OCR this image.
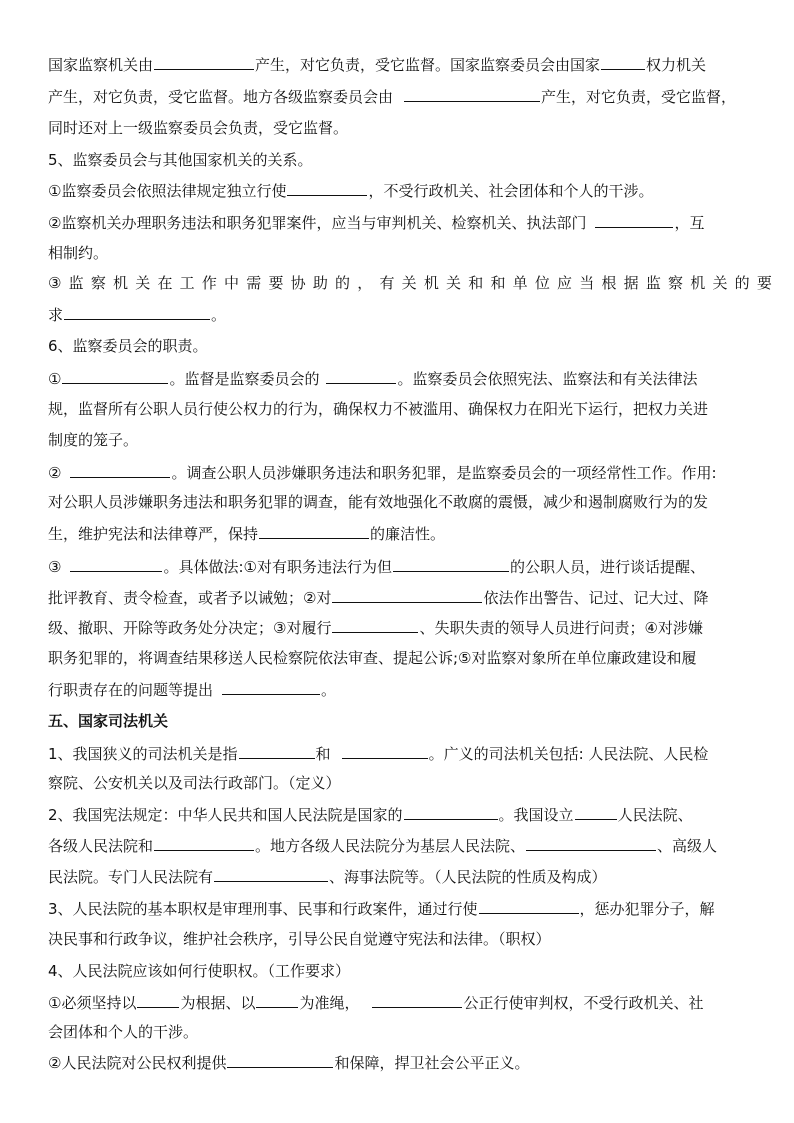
国家监察机关由	产生，对它负责，受它监督。国家监察委员会由国家	权力机关
产生，对它负责，受它监督。地方各级监察委员会由	产生，对它负责，受它监督，
同时还对上一级监察委员会负责，受它监督。
5、监察委员会与其他国家机关的关系。
①监察委员会依照法律规定独立行使	，不受行政机关、社会团体和个人的干涉。
②监察机关办理职务违法和职务犯罪案件，应当与审判机关、检察机关、执法部门	，互
相制约。
③监察机关在工作中需要协助的，有关机关和和单位应当根据监察机关的要
求	。
6、监察委员会的职责。
①	。监督是监察委员会的	。监察委员会依照宪法、监察法和有关法律法
规，监督所有公职人员行使公权力的行为，确保权力不被滥用、确保权力在阳光下运行，把权力关进
制度的笼子。
②	。调查公职人员涉嫌职务违法和职务犯罪，是监察委员会的一项经常性工作。作用:
对公职人员涉嫌职务违法和职务犯罪的调查，能有效地强化不敢腐的震慑，减少和遏制腐败行为的发
生，维护宪法和法律尊严，保持	的廉洁性。
③	。具体做法:①对有职务违法行为但	的公职人员，进行谈话提醒、
批评教育、责令检查，或者予以诫勉；②对	依法作出警告、记过、记大过、降
级、撤职、开除等政务处分决定；③对履行	、失职失责的领导人员进行问责；④对涉嫌
职务犯罪的，将调查结果移送人民检察院依法审查、提起公诉;⑤对监察对象所在单位廉政建设和履
行职责存在的问题等提出	。
五、国家司法机关
1、我国狭义的司法机关是指	和	。广义的司法机关包括: 人民法院、人民检
察院、公安机关以及司法行政部门。（定义）
2、我国宪法规定：中华人民共和国人民法院是国家的	。我国设立	人民法院、
各级人民法院和	。地方各级人民法院分为基层人民法院、	、高级人
民法院。专门人民法院有	、海事法院等。（人民法院的性质及构成）
3、人民法院的基本职权是审理刑事、民事和行政案件，通过行使	，惩办犯罪分子，解
决民事和行政争议，维护社会秩序，引导公民自觉遵守宪法和法律。（职权）
4、人民法院应该如何行使职权。（工作要求）
①必须坚持以	为根据、以	为准绳，	公正行使审判权，不受行政机关、社
会团体和个人的干涉。
②人民法院对公民权利提供	和保障，捍卫社会公平正义。
